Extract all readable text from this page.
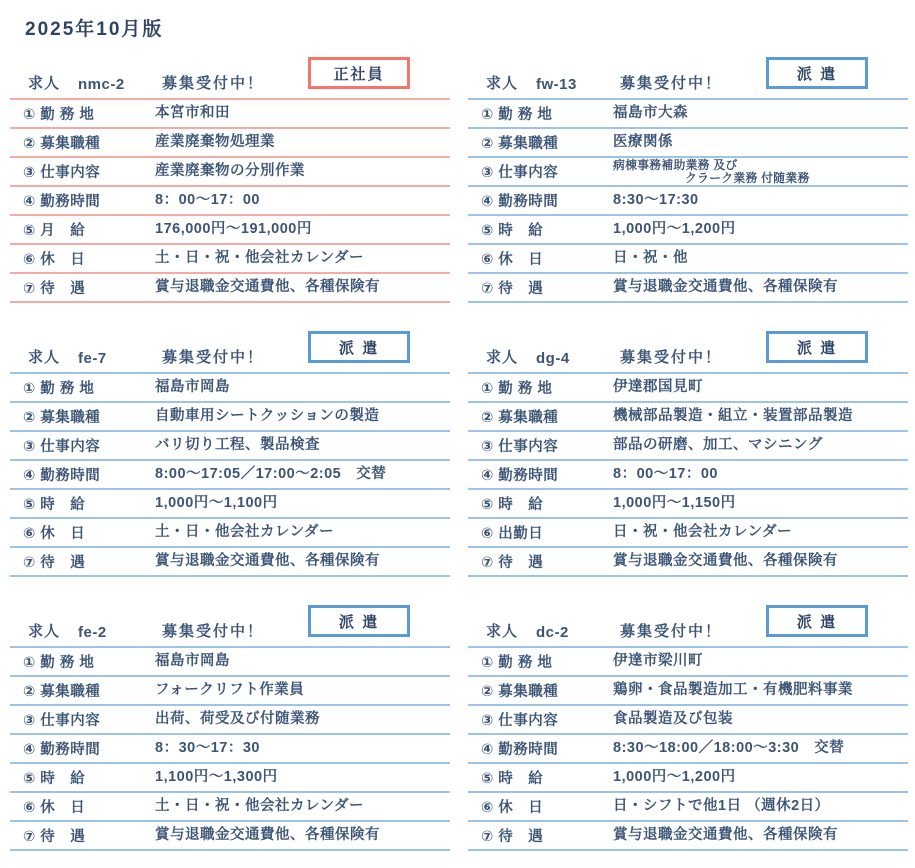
2025年10月版
正社員
求人	nmc-2	募集受付中！
① 勤 務 地	本宮市和田
② 募集職種	産業廃棄物処理業
③ 仕事内容	産業廃棄物の分別作業
④ 勤務時間	8：00～17：00
⑤ 月　給	176,000円～191,000円
⑥ 休　日	土・日・祝・他会社カレンダー
⑦ 待　遇	賞与退職金交通費他、各種保険有
派 遣
求人	fw-13	募集受付中！
① 勤 務 地	福島市大森
② 募集職種	医療関係
③ 仕事内容
病棟事務補助業務 及び
クラーク業務 付随業務
④ 勤務時間	8:30～17:30
⑤ 時　給	1,000円～1,200円
⑥ 休　日	日・祝・他
⑦ 待　遇	賞与退職金交通費他、各種保険有
派 遣
求人	fe-7	募集受付中！
① 勤 務 地	福島市岡島
② 募集職種	自動車用シートクッションの製造
③ 仕事内容	バリ切り工程、製品検査
④ 勤務時間	8:00～17:05／17:00～2:05　交替
⑤ 時　給	1,000円～1,100円
⑥ 休　日	土・日・他会社カレンダー
⑦ 待　遇	賞与退職金交通費他、各種保険有
派 遣
求人	dg-4	募集受付中！
① 勤 務 地	伊達郡国見町
② 募集職種	機械部品製造・組立・装置部品製造
③ 仕事内容	部品の研磨、加工、マシニング
④ 勤務時間	8：00～17：00
⑤ 時　給	1,000円～1,150円
⑥ 出勤日	日・祝・他会社カレンダー
⑦ 待　遇	賞与退職金交通費他、各種保険有
派 遣
求人	fe-2	募集受付中！
① 勤 務 地	福島市岡島
② 募集職種	フォークリフト作業員
③ 仕事内容	出荷、荷受及び付随業務
④ 勤務時間	8：30～17：30
⑤ 時　給	1,100円～1,300円
⑥ 休　日	土・日・祝・他会社カレンダー
⑦ 待　遇	賞与退職金交通費他、各種保険有
派 遣
求人	dc-2	募集受付中！
① 勤 務 地	伊達市梁川町
② 募集職種	鶏卵・食品製造加工・有機肥料事業
③ 仕事内容	食品製造及び包装
④ 勤務時間	8:30～18:00／18:00～3:30　交替
⑤ 時　給	1,000円～1,200円
⑥ 休　日	日・シフトで他1日 （週休2日）
⑦ 待　遇	賞与退職金交通費他、各種保険有
